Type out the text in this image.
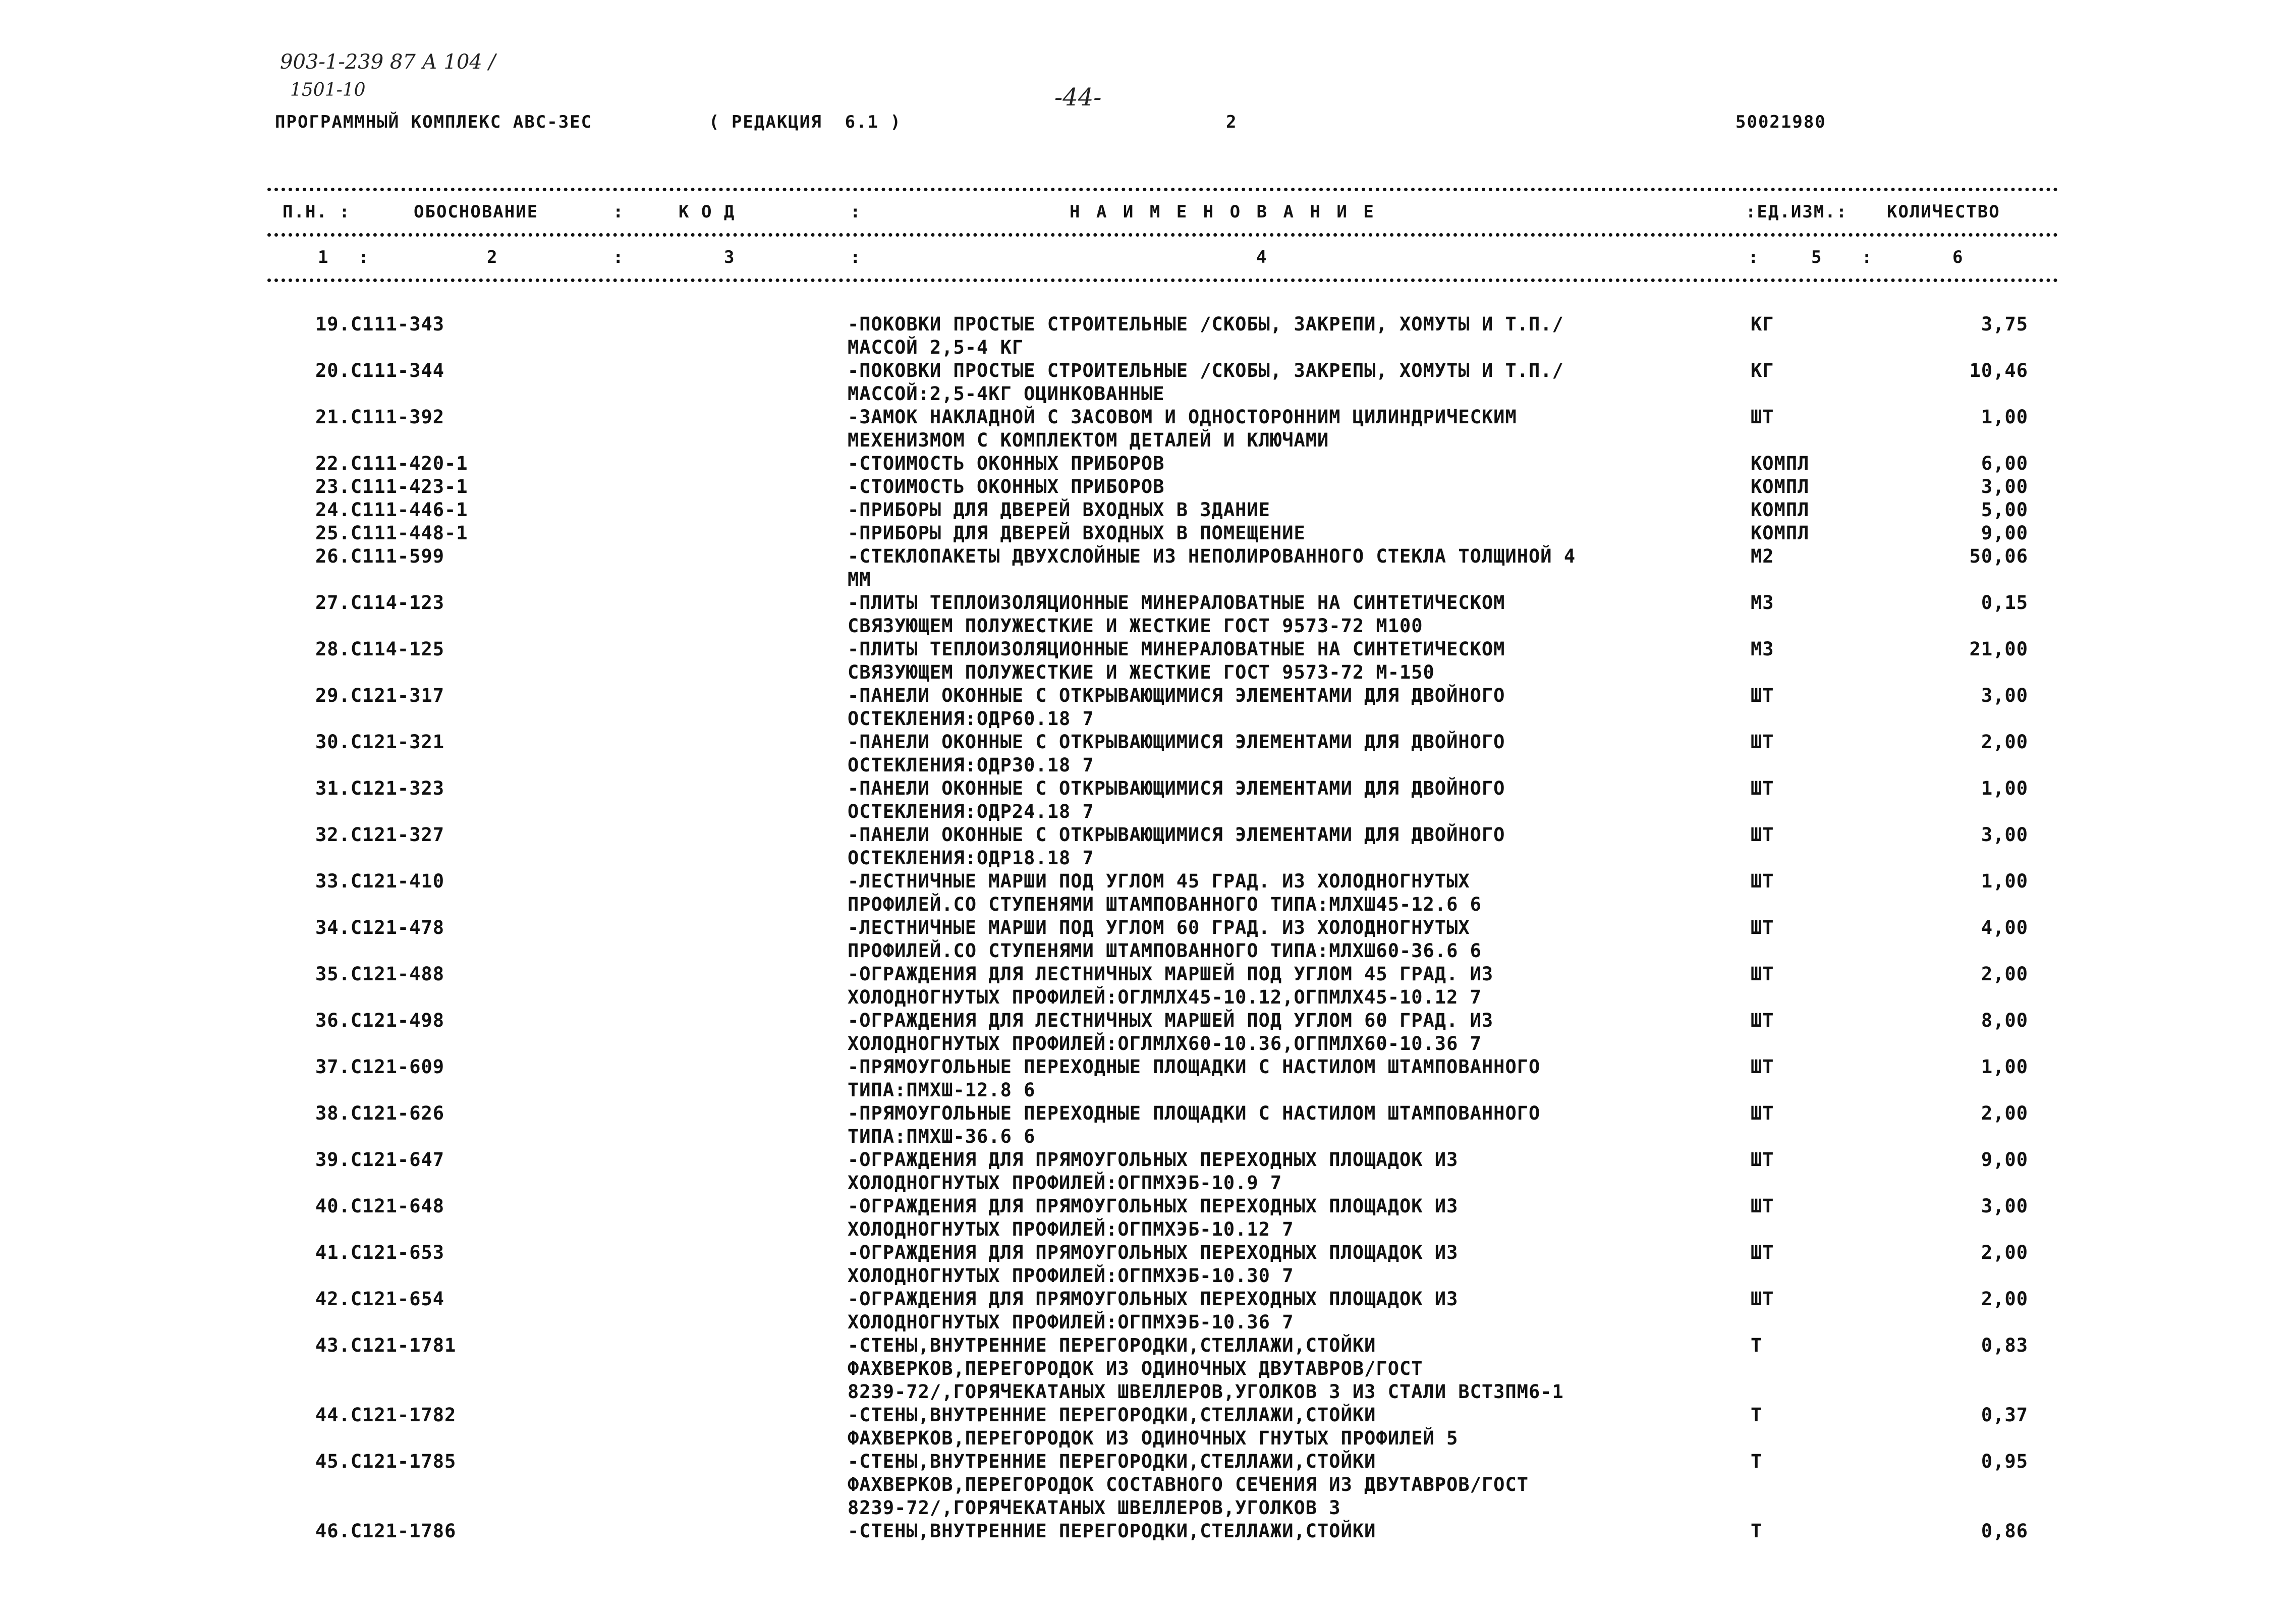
903-1-239 87 А 104 /
1501-10	-44-
ПРОГРАММНЫЙ КОМПЛЕКС АВС-3ЕС	( РЕДАКЦИЯ  6.1 )	2	50021980
П.Н. :	ОБОСНОВАНИЕ	:	К О Д	:	Н А И М Е Н О В А Н И Е	:ЕД.ИЗМ.: КОЛИЧЕСТВО
1 :	2	:	3	:	4	:	5 :	6
19.С111-343	-ПОКОВКИ ПРОСТЫЕ СТРОИТЕЛЬНЫЕ /СКОБЫ, ЗАКРЕПИ, ХОМУТЫ И Т.П./
МАССОЙ 2,5-4 КГ
КГ	3,75
20.С111-344	-ПОКОВКИ ПРОСТЫЕ СТРОИТЕЛЬНЫЕ /СКОБЫ, ЗАКРЕПЫ, ХОМУТЫ И Т.П./
МАССОЙ:2,5-4КГ ОЦИНКОВАННЫЕ
КГ	10,46
21.С111-392	-ЗАМОК НАКЛАДНОЙ С ЗАСОВОМ И ОДНОСТОРОННИМ ЦИЛИНДРИЧЕСКИМ
МЕХЕНИЗМОМ С КОМПЛЕКТОМ ДЕТАЛЕЙ И КЛЮЧАМИ
ШТ	1,00
22.С111-420-1	-СТОИМОСТЬ ОКОННЫХ ПРИБОРОВ	КОМПЛ	6,00
23.С111-423-1	-СТОИМОСТЬ ОКОННЫХ ПРИБОРОВ	КОМПЛ	3,00
24.С111-446-1	-ПРИБОРЫ ДЛЯ ДВЕРЕЙ ВХОДНЫХ В ЗДАНИЕ	КОМПЛ	5,00
25.С111-448-1	-ПРИБОРЫ ДЛЯ ДВЕРЕЙ ВХОДНЫХ В ПОМЕЩЕНИЕ	КОМПЛ	9,00
26.С111-599	-СТЕКЛОПАКЕТЫ ДВУХСЛОЙНЫЕ ИЗ НЕПОЛИРОВАННОГО СТЕКЛА ТОЛЩИНОЙ 4
ММ
М2	50,06
27.С114-123	-ПЛИТЫ ТЕПЛОИЗОЛЯЦИОННЫЕ МИНЕРАЛОВАТНЫЕ НА СИНТЕТИЧЕСКОМ
СВЯЗУЮЩЕМ ПОЛУЖЕСТКИЕ И ЖЕСТКИЕ ГОСТ 9573-72 М100
М3	0,15
28.С114-125	-ПЛИТЫ ТЕПЛОИЗОЛЯЦИОННЫЕ МИНЕРАЛОВАТНЫЕ НА СИНТЕТИЧЕСКОМ
СВЯЗУЮЩЕМ ПОЛУЖЕСТКИЕ И ЖЕСТКИЕ ГОСТ 9573-72 М-150
М3	21,00
29.С121-317	-ПАНЕЛИ ОКОННЫЕ С ОТКРЫВАЮЩИМИСЯ ЭЛЕМЕНТАМИ ДЛЯ ДВОЙНОГО
ОСТЕКЛЕНИЯ:ОДР60.18 7
ШТ	3,00
30.С121-321	-ПАНЕЛИ ОКОННЫЕ С ОТКРЫВАЮЩИМИСЯ ЭЛЕМЕНТАМИ ДЛЯ ДВОЙНОГО
ОСТЕКЛЕНИЯ:ОДР30.18 7
ШТ	2,00
31.С121-323	-ПАНЕЛИ ОКОННЫЕ С ОТКРЫВАЮЩИМИСЯ ЭЛЕМЕНТАМИ ДЛЯ ДВОЙНОГО
ОСТЕКЛЕНИЯ:ОДР24.18 7
ШТ	1,00
32.С121-327	-ПАНЕЛИ ОКОННЫЕ С ОТКРЫВАЮЩИМИСЯ ЭЛЕМЕНТАМИ ДЛЯ ДВОЙНОГО
ОСТЕКЛЕНИЯ:ОДР18.18 7
ШТ	3,00
33.С121-410	-ЛЕСТНИЧНЫЕ МАРШИ ПОД УГЛОМ 45 ГРАД. ИЗ ХОЛОДНОГНУТЫХ
ПРОФИЛЕЙ.СО СТУПЕНЯМИ ШТАМПОВАННОГО ТИПА:МЛХШ45-12.6 6
ШТ	1,00
34.С121-478	-ЛЕСТНИЧНЫЕ МАРШИ ПОД УГЛОМ 60 ГРАД. ИЗ ХОЛОДНОГНУТЫХ
ПРОФИЛЕЙ.СО СТУПЕНЯМИ ШТАМПОВАННОГО ТИПА:МЛХШ60-36.6 6
ШТ	4,00
35.С121-488	-ОГРАЖДЕНИЯ ДЛЯ ЛЕСТНИЧНЫХ МАРШЕЙ ПОД УГЛОМ 45 ГРАД. ИЗ
ХОЛОДНОГНУТЫХ ПРОФИЛЕЙ:ОГЛМЛХ45-10.12,ОГПМЛХ45-10.12 7
ШТ	2,00
36.С121-498	-ОГРАЖДЕНИЯ ДЛЯ ЛЕСТНИЧНЫХ МАРШЕЙ ПОД УГЛОМ 60 ГРАД. ИЗ
ХОЛОДНОГНУТЫХ ПРОФИЛЕЙ:ОГЛМЛХ60-10.36,ОГПМЛХ60-10.36 7
ШТ	8,00
37.С121-609	-ПРЯМОУГОЛЬНЫЕ ПЕРЕХОДНЫЕ ПЛОЩАДКИ С НАСТИЛОМ ШТАМПОВАННОГО
ТИПА:ПМХШ-12.8 6
ШТ	1,00
38.С121-626	-ПРЯМОУГОЛЬНЫЕ ПЕРЕХОДНЫЕ ПЛОЩАДКИ С НАСТИЛОМ ШТАМПОВАННОГО
ТИПА:ПМХШ-36.6 6
ШТ	2,00
39.С121-647	-ОГРАЖДЕНИЯ ДЛЯ ПРЯМОУГОЛЬНЫХ ПЕРЕХОДНЫХ ПЛОЩАДОК ИЗ
ХОЛОДНОГНУТЫХ ПРОФИЛЕЙ:ОГПМХЭБ-10.9 7
ШТ	9,00
40.С121-648	-ОГРАЖДЕНИЯ ДЛЯ ПРЯМОУГОЛЬНЫХ ПЕРЕХОДНЫХ ПЛОЩАДОК ИЗ
ХОЛОДНОГНУТЫХ ПРОФИЛЕЙ:ОГПМХЭБ-10.12 7
ШТ	3,00
41.С121-653	-ОГРАЖДЕНИЯ ДЛЯ ПРЯМОУГОЛЬНЫХ ПЕРЕХОДНЫХ ПЛОЩАДОК ИЗ
ХОЛОДНОГНУТЫХ ПРОФИЛЕЙ:ОГПМХЭБ-10.30 7
ШТ	2,00
42.С121-654	-ОГРАЖДЕНИЯ ДЛЯ ПРЯМОУГОЛЬНЫХ ПЕРЕХОДНЫХ ПЛОЩАДОК ИЗ
ХОЛОДНОГНУТЫХ ПРОФИЛЕЙ:ОГПМХЭБ-10.36 7
ШТ	2,00
43.С121-1781	-СТЕНЫ,ВНУТРЕННИЕ ПЕРЕГОРОДКИ,СТЕЛЛАЖИ,СТОЙКИ
ФАХВЕРКОВ,ПЕРЕГОРОДОК ИЗ ОДИНОЧНЫХ ДВУТАВРОВ/ГОСТ
8239-72/,ГОРЯЧЕКАТАНЫХ ШВЕЛЛЕРОВ,УГОЛКОВ 3 ИЗ СТАЛИ ВСТ3ПМ6-1
Т	0,83
44.С121-1782	-СТЕНЫ,ВНУТРЕННИЕ ПЕРЕГОРОДКИ,СТЕЛЛАЖИ,СТОЙКИ
ФАХВЕРКОВ,ПЕРЕГОРОДОК ИЗ ОДИНОЧНЫХ ГНУТЫХ ПРОФИЛЕЙ 5
Т	0,37
45.С121-1785	-СТЕНЫ,ВНУТРЕННИЕ ПЕРЕГОРОДКИ,СТЕЛЛАЖИ,СТОЙКИ
ФАХВЕРКОВ,ПЕРЕГОРОДОК СОСТАВНОГО СЕЧЕНИЯ ИЗ ДВУТАВРОВ/ГОСТ
8239-72/,ГОРЯЧЕКАТАНЫХ ШВЕЛЛЕРОВ,УГОЛКОВ 3
Т	0,95
46.С121-1786	-СТЕНЫ,ВНУТРЕННИЕ ПЕРЕГОРОДКИ,СТЕЛЛАЖИ,СТОЙКИ	Т	0,86
